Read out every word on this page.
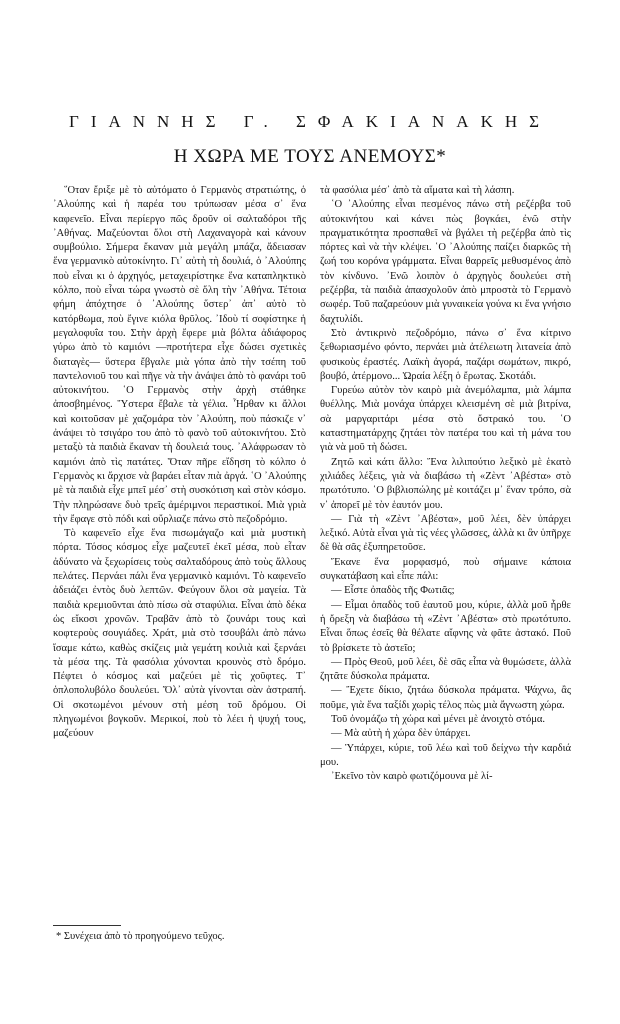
ΓΙΑΝΝΗΣ Γ. ΣΦΑΚΙΑΝΑΚΗΣ
Η ΧΩΡΑ ΜΕ ΤΟΥΣ ΑΝΕΜΟΥΣ*

῞Οταν ἔριξε μὲ τὸ αὐτόματο ὁ Γερμανὸς στρατιώτης, ὁ ᾿Αλούπης καὶ ἡ παρέα του τρύπωσαν μέσα σ᾿ ἕνα καφενεῖο. Εἶναι περίεργο πῶς δροῦν οἱ σαλταδόροι τῆς ᾿Αθήνας. Μαζεύονται ὅλοι στὴ Λαχαναγορὰ καὶ κάνουν συμβούλιο. Σήμερα ἔκαναν μιὰ μεγάλη μπάζα, ἄδειασαν ἕνα γερμανικὸ αὐτοκίνητο. Γι᾿ αὐτὴ τὴ δουλιά, ὁ ᾿Αλούπης ποὺ εἶναι κι ὁ ἀρχηγός, μεταχειρίστηκε ἕνα καταπληκτικὸ κόλπο, ποὺ εἶναι τώρα γνωστὸ σὲ ὅλη τὴν ᾿Αθήνα. Τέτοια φήμη ἀπόχτησε ὁ ᾿Αλούπης ὕστερ᾿ ἀπ᾿ αὐτὸ τὸ κατόρθωμα, ποὺ ἔγινε κιόλα θρῦλος. ᾿Ιδοὺ τί σοφίστηκε ἡ μεγαλοφυΐα του. Στὴν ἀρχὴ ἔφερε μιὰ βόλτα ἀδιάφορος γύρω ἀπὸ τὸ καμιόνι —προτήτερα εἶχε δώσει σχετικὲς διαταγὲς— ὕστερα ἔβγαλε μιὰ γόπα ἀπὸ τὴν τσέπη τοῦ παντελονιοῦ του καὶ πῆγε νὰ τὴν ἀνάψει ἀπὸ τὸ φανάρι τοῦ αὐτοκινήτου. ῾Ο Γερμανὸς στὴν ἀρχὴ στάθηκε ἀποσβημένος. Ὕστερα ἔβαλε τὰ γέλια. Ἦρθαν κι ἄλλοι καὶ κοιτοῦσαν μὲ χαζομάρα τὸν ᾿Αλούπη, ποὺ πάσκιζε ν᾿ ἀνάψει τὸ τσιγάρο του ἀπὸ τὸ φανὸ τοῦ αὐτοκινήτου. Στὸ μεταξὺ τὰ παιδιὰ ἔκαναν τὴ δουλειά τους. ᾿Αλάφρωσαν τὸ καμιόνι ἀπὸ τὶς πατάτες. Ὅταν πῆρε εἴδηση τὸ κόλπο ὁ Γερμανὸς κι ἄρχισε νὰ βαράει εἶταν πιὰ ἀργά. ῾Ο ᾿Αλούπης μὲ τὰ παιδιὰ εἶχε μπεῖ μέσ᾿ στὴ συσκότιση καὶ στὸν κόσμο. Τὴν πληρώσανε δυὸ τρεῖς ἀμέριμνοι περαστικοί. Μιὰ γριὰ τὴν ἔφαγε στὸ πόδι καὶ οὔρλιαζε πάνω στὸ πεζοδρόμιο.

Τὸ καφενεῖο εἶχε ἕνα πισωμάγαζο καὶ μιὰ μυστικὴ πόρτα. Τόσος κόσμος εἶχε μαζευτεῖ ἐκεῖ μέσα, ποὺ εἶταν ἀδύνατο νὰ ξεχωρίσεις τοὺς σαλταδόρους ἀπὸ τοὺς ἄλλους πελάτες. Περνάει πάλι ἕνα γερμανικὸ καμιόνι. Τὸ καφενεῖο ἀδειάζει ἐντὸς δυὸ λεπτῶν. Φεύγουν ὅλοι σὰ μαγεία. Τὰ παιδιὰ κρεμιοῦνται ἀπὸ πίσω σὰ σταφύλια. Εἶναι ἀπὸ δέκα ὡς εἴκοσι χρονῶν. Τραβᾶν ἀπὸ τὸ ζουνάρι τους καὶ κοφτεροὺς σουγιάδες. Χράτ, μιὰ στὸ τσουβάλι ἀπὸ πάνω ἴσαμε κάτω, καθὼς σκίζεις μιὰ γεμάτη κοιλιὰ καὶ ξερνάει τὰ μέσα της. Τὰ φασόλια χύνονται κρουνὸς στὸ δρόμο. Πέφτει ὁ κόσμος καὶ μαζεύει μὲ τὶς χοῦφτες. Τ᾿ ὁπλοπολυβόλο δουλεύει. Ὄλ᾿ αὐτὰ γίνονται σὰν ἀστραπή. Οἱ σκοτωμένοι μένουν στὴ μέση τοῦ δρόμου. Οἱ πληγωμένοι βογκοῦν. Μερικοί, ποὺ τὸ λέει ἡ ψυχή τους, μαζεύουν

τὰ φασόλια μέσ᾿ ἀπὸ τὰ αἵματα καὶ τὴ λάσπη.

῾Ο ᾿Αλούπης εἶναι πεσμένος πάνω στὴ ρεζέρβα τοῦ αὐτοκινήτου καὶ κάνει πὼς βογκάει, ἐνῶ στὴν πραγματικότητα προσπαθεῖ νὰ βγάλει τὴ ρεζέρβα ἀπὸ τὶς πόρτες καὶ νὰ τὴν κλέψει. ῾Ο ᾿Αλούπης παίζει διαρκῶς τὴ ζωή του κορόνα γράμματα. Εἶναι θαρρεῖς μεθυσμένος ἀπὸ τὸν κίνδυνο. ᾿Ενῶ λοιπὸν ὁ ἀρχηγὸς δουλεύει στὴ ρεζέρβα, τὰ παιδιὰ ἀπασχολοῦν ἀπὸ μπροστὰ τὸ Γερμανὸ σωφέρ. Τοῦ παζαρεύουν μιὰ γυναικεία γούνα κι ἕνα γνήσιο δαχτυλίδι.

Στὸ ἀντικρινὸ πεζοδρόμιο, πάνω σ᾿ ἕνα κίτρινο ξεθωριασμένο φόντο, περνάει μιὰ ἀτέλειωτη λιτανεία ἀπὸ φυσικοὺς ἐραστές. Λαϊκὴ ἀγορά, παζάρι σωμάτων, πικρό, βουβό, ἀτέρμονο... Ὡραία λέξη ὁ ἔρωτας. Σκοτάδι.

Γυρεύω αὐτὸν τὸν καιρὸ μιὰ ἀνεμόλαμπα, μιὰ λάμπα θυέλλης. Μιὰ μονάχα ὑπάρχει κλεισμένη σὲ μιὰ βιτρίνα, σὰ μαργαριτάρι μέσα στὸ ὄστρακό του. ῾Ο καταστηματάρχης ζητάει τὸν πατέρα του καὶ τὴ μάνα του γιὰ νὰ μοῦ τὴ δώσει.

Ζητῶ καὶ κάτι ἄλλο: Ἕνα λιλιπούτιο λεξικὸ μὲ ἑκατὸ χιλιάδες λέξεις, γιὰ νὰ διαβάσω τὴ «Ζὲντ ᾿Αβέστα» στὸ πρωτότυπο. ῾Ο βιβλιοπώλης μὲ κοιτάζει μ᾿ ἕναν τρόπο, σὰ ν᾿ ἀπορεῖ μὲ τὸν ἑαυτόν μου.

— Γιὰ τὴ «Ζὲντ ᾿Αβέστα», μοῦ λέει, δὲν ὑπάρχει λεξικό. Αὐτὰ εἶναι γιὰ τὶς νέες γλῶσσες, ἀλλὰ κι ἂν ὑπῆρχε δὲ θὰ σᾶς ἐξυπηρετοῦσε.

Ἔκανε ἕνα μορφασμό, ποὺ σήμαινε κάποια συγκατάβαση καὶ εἶπε πάλι:

— Εἶστε ὀπαδὸς τῆς Φωτιᾶς;

— Εἶμαι ὀπαδὸς τοῦ ἑαυτοῦ μου, κύριε, ἀλλὰ μοῦ ἦρθε ἡ ὄρεξη νὰ διαβάσω τὴ «Ζὲντ ᾿Αβέστα» στὸ πρωτότυπο. Εἶναι ὅπως ἐσεῖς θὰ θέλατε αἴφνης νὰ φᾶτε ἀστακό. Ποῦ τὸ βρίσκετε τὸ ἀστεῖο;

— Πρὸς Θεοῦ, μοῦ λέει, δὲ σᾶς εἶπα νὰ θυμώσετε, ἀλλὰ ζητᾶτε δύσκολα πράματα.

— Ἔχετε δίκιο, ζητάω δύσκολα πράματα. Ψάχνω, ἂς ποῦμε, γιὰ ἕνα ταξίδι χωρὶς τέλος πὼς μιὰ ἄγνωστη χώρα.

Τοῦ ὀνομάζω τὴ χώρα καὶ μένει μὲ ἀνοιχτὸ στόμα.

— Μὰ αὐτὴ ἡ χώρα δὲν ὑπάρχει.

— Ὑπάρχει, κύριε, τοῦ λέω καὶ τοῦ δείχνω τὴν καρδιά μου.

᾿Εκεῖνο τὸν καιρὸ φωτιζόμουνα μὲ λί-

* Συνέχεια ἀπὸ τὸ προηγούμενο τεῦχος.
